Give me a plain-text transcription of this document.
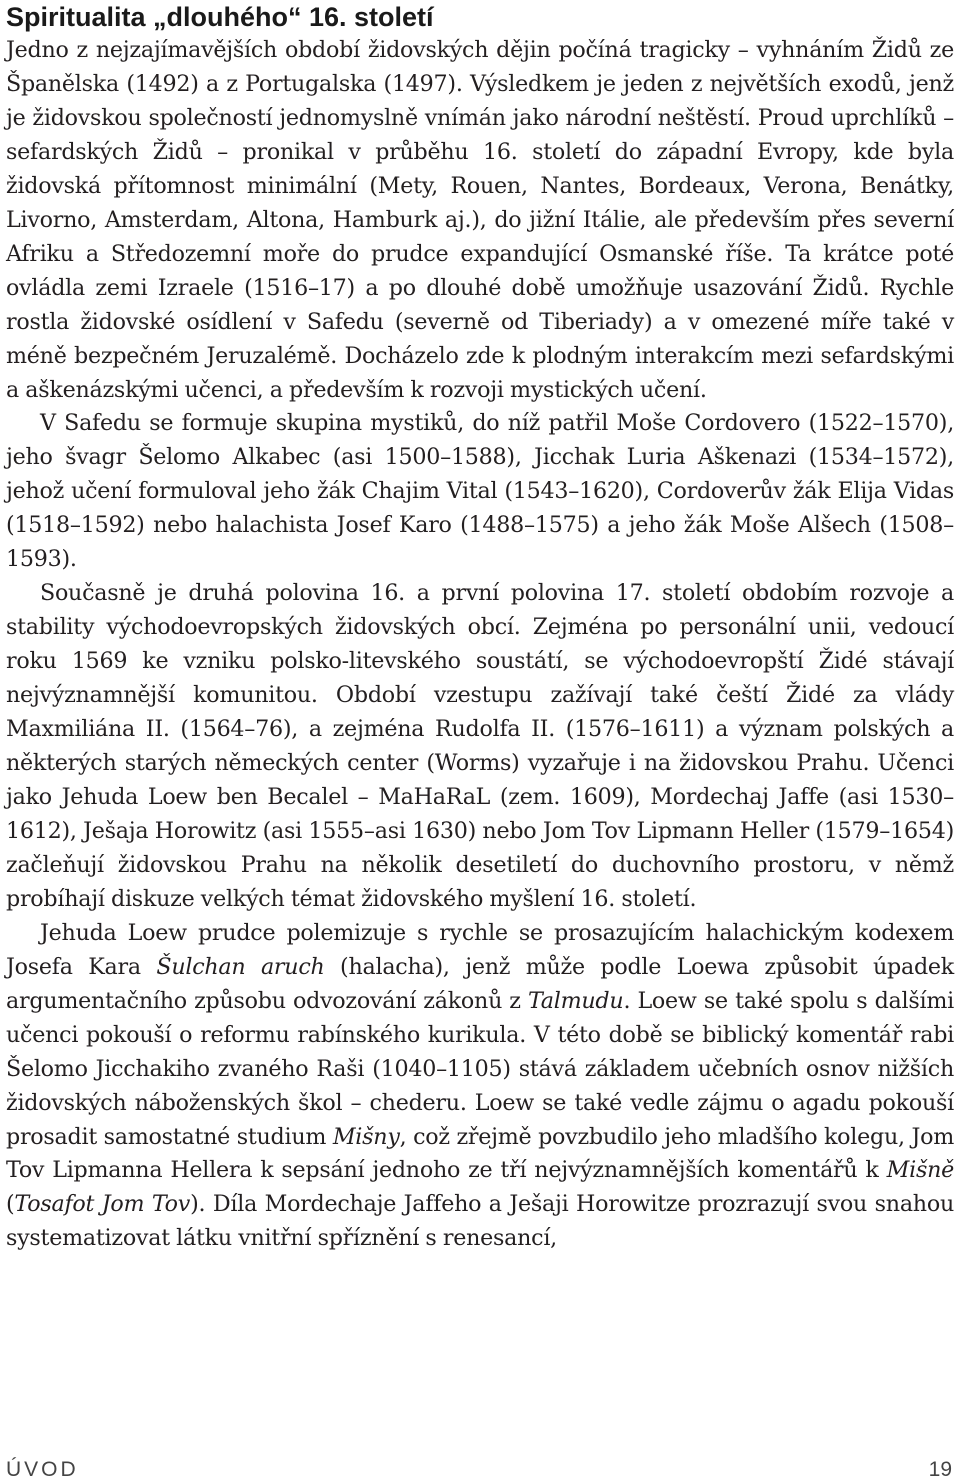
Spiritualita „dlouhého“ 16. století

Jedno z nejzajímavějších období židovských dějin počíná tragicky – vyhnáním Židů ze Španělska (1492) a z Portugalska (1497). Výsledkem je jeden z největších exodů, jenž je židovskou společností jednomyslně vnímán jako národní neštěstí. Proud uprchlíků – sefardských Židů – pronikal v průběhu 16. století do západní Evropy, kde byla židovská přítomnost minimální (Mety, Rouen, Nantes, Bordeaux, Verona, Benátky, Livorno, Amsterdam, Altona, Hamburk aj.), do jižní Itálie, ale především přes severní Afriku a Středozemní moře do prudce expandující Osmanské říše. Ta krátce poté ovládla zemi Izraele (1516–17) a po dlouhé době umožňuje usazování Židů. Rychle rostla židovské osídlení v Safedu (severně od Tiberiady) a v omezené míře také v méně bezpečném Jeruzalémě. Docházelo zde k plodným interakcím mezi sefardskými a aškenázskými učenci, a především k rozvoji mystických učení.

V Safedu se formuje skupina mystiků, do níž patřil Moše Cordovero (1522–1570), jeho švagr Šelomo Alkabec (asi 1500–1588), Jicchak Luria Aškenazi (1534–1572), jehož učení formuloval jeho žák Chajim Vital (1543–1620), Cordoverův žák Elija Vidas (1518–1592) nebo halachista Josef Karo (1488–1575) a jeho žák Moše Alšech (1508–1593).

Současně je druhá polovina 16. a první polovina 17. století obdobím rozvoje a stability východoevropských židovských obcí. Zejména po personální unii, vedoucí roku 1569 ke vzniku polsko-litevského soustátí, se východoevropští Židé stávají nejvýznamnější komunitou. Období vzestupu zažívají také čeští Židé za vlády Maxmiliána II. (1564–76), a zejména Rudolfa II. (1576–1611) a význam polských a některých starých německých center (Worms) vyzařuje i na židovskou Prahu. Učenci jako Jehuda Loew ben Becalel – MaHaRaL (zem. 1609), Mordechaj Jaffe (asi 1530–1612), Ješaja Horowitz (asi 1555–asi 1630) nebo Jom Tov Lipmann Heller (1579–1654) začleňují židovskou Prahu na několik desetiletí do duchovního prostoru, v němž probíhají diskuze velkých témat židovského myšlení 16. století.

Jehuda Loew prudce polemizuje s rychle se prosazujícím halachickým kodexem Josefa Kara Šulchan aruch (halacha), jenž může podle Loewa způsobit úpadek argumentačního způsobu odvozování zákonů z Talmudu. Loew se také spolu s dalšími učenci pokouší o reformu rabínského kurikula. V této době se biblický komentář rabi Šelomo Jicchakiho zvaného Raši (1040–1105) stává základem učebních osnov nižších židovských náboženských škol – chederu. Loew se také vedle zájmu o agadu pokouší prosadit samostatné studium Mišny, což zřejmě povzbudilo jeho mladšího kolegu, Jom Tov Lipmanna Hellera k sepsání jednoho ze tří nejvýznamnějších komentářů k Mišně (Tosafot Jom Tov). Díla Mordechaje Jaffeho a Ješaji Horowitze prozrazují svou snahou systematizovat látku vnitřní spříznění s renesancí,

ÚVOD	19
